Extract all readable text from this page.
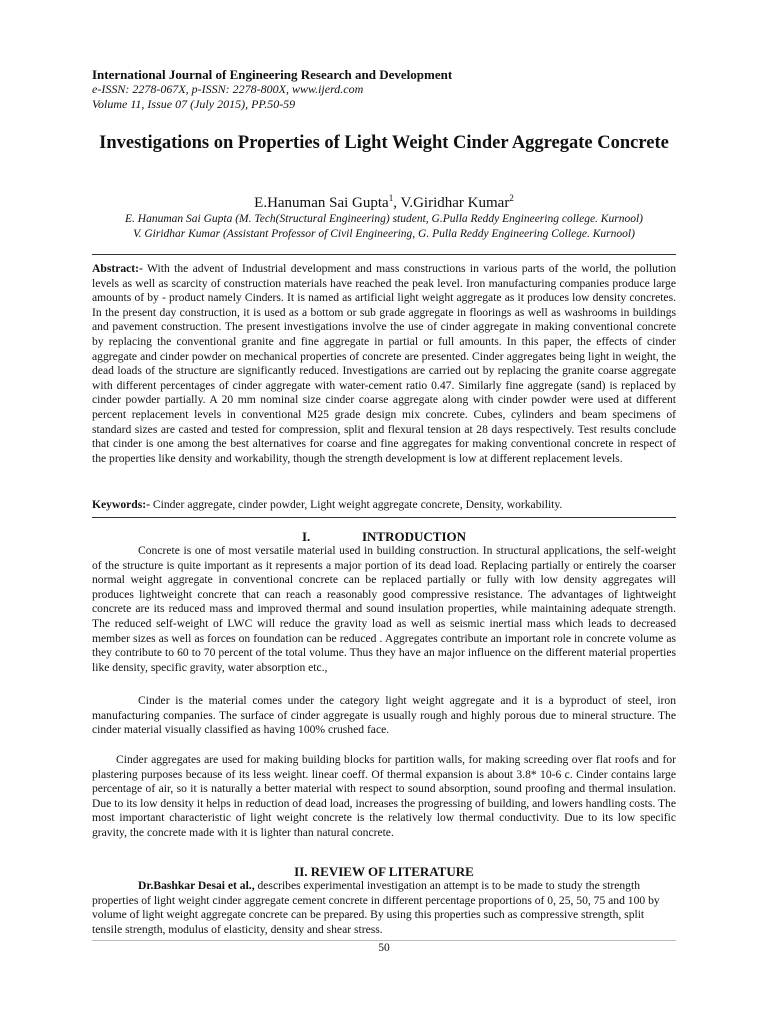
International Journal of Engineering Research and Development
e-ISSN: 2278-067X, p-ISSN: 2278-800X, www.ijerd.com
Volume 11, Issue 07 (July 2015), PP.50-59
Investigations on Properties of Light Weight Cinder Aggregate Concrete
E.Hanuman Sai Gupta$^1$, V.Giridhar Kumar$^2$
E. Hanuman Sai Gupta (M. Tech(Structural Engineering) student, G.Pulla Reddy Engineering college. Kurnool)
V. Giridhar Kumar (Assistant Professor of Civil Engineering, G. Pulla Reddy Engineering College. Kurnool)
Abstract:- With the advent of Industrial development and mass constructions in various parts of the world, the pollution levels as well as scarcity of construction materials have reached the peak level. Iron manufacturing companies produce large amounts of by - product namely Cinders. It is named as artificial light weight aggregate as it produces low density concretes. In the present day construction, it is used as a bottom or sub grade aggregate in floorings as well as washrooms in buildings and pavement construction. The present investigations involve the use of cinder aggregate in making conventional concrete by replacing the conventional granite and fine aggregate in partial or full amounts. In this paper, the effects of cinder aggregate and cinder powder on mechanical properties of concrete are presented. Cinder aggregates being light in weight, the dead loads of the structure are significantly reduced. Investigations are carried out by replacing the granite coarse aggregate with different percentages of cinder aggregate with water-cement ratio 0.47. Similarly fine aggregate (sand) is replaced by cinder powder partially. A 20 mm nominal size cinder coarse aggregate along with cinder powder were used at different percent replacement levels in conventional M25 grade design mix concrete. Cubes, cylinders and beam specimens of standard sizes are casted and tested for compression, split and flexural tension at 28 days respectively. Test results conclude that cinder is one among the best alternatives for coarse and fine aggregates for making conventional concrete in respect of the properties like density and workability, though the strength development is low at different replacement levels.
Keywords:- Cinder aggregate, cinder powder, Light weight aggregate concrete, Density, workability.
I.	INTRODUCTION
Concrete is one of most versatile material used in building construction. In structural applications, the self-weight of the structure is quite important as it represents a major portion of its dead load. Replacing partially or entirely the coarser normal weight aggregate in conventional concrete can be replaced partially or fully with low density aggregates will produces lightweight concrete that can reach a reasonably good compressive resistance. The advantages of lightweight concrete are its reduced mass and improved thermal and sound insulation properties, while maintaining adequate strength. The reduced self-weight of LWC will reduce the gravity load as well as seismic inertial mass which leads to decreased member sizes as well as forces on foundation can be reduced . Aggregates contribute an important role in concrete volume as they contribute to 60 to 70 percent of the total volume. Thus they have an major influence on the different material properties like density, specific gravity, water absorption etc.,
Cinder is the material comes under the category light weight aggregate and it is a byproduct of steel, iron manufacturing companies. The surface of cinder aggregate is usually rough and highly porous due to mineral structure. The cinder material visually classified as having 100% crushed face.
Cinder aggregates are used for making building blocks for partition walls, for making screeding over flat roofs and for plastering purposes because of its less weight. linear coeff. Of thermal expansion is about 3.8* 10-6 c. Cinder contains large percentage of air, so it is naturally a better material with respect to sound absorption, sound proofing and thermal insulation. Due to its low density it helps in reduction of dead load, increases the progressing of building, and lowers handling costs. The most important characteristic of light weight concrete is the relatively low thermal conductivity. Due to its low specific gravity, the concrete made with it is lighter than natural concrete.
II. REVIEW OF LITERATURE
Dr.Bashkar Desai et al., describes experimental investigation an attempt is to be made to study the strength properties of light weight cinder aggregate cement concrete in different percentage proportions of 0, 25, 50, 75 and 100 by volume of light weight aggregate concrete can be prepared. By using this properties such as compressive strength, split tensile strength, modulus of elasticity, density and shear stress.
50
